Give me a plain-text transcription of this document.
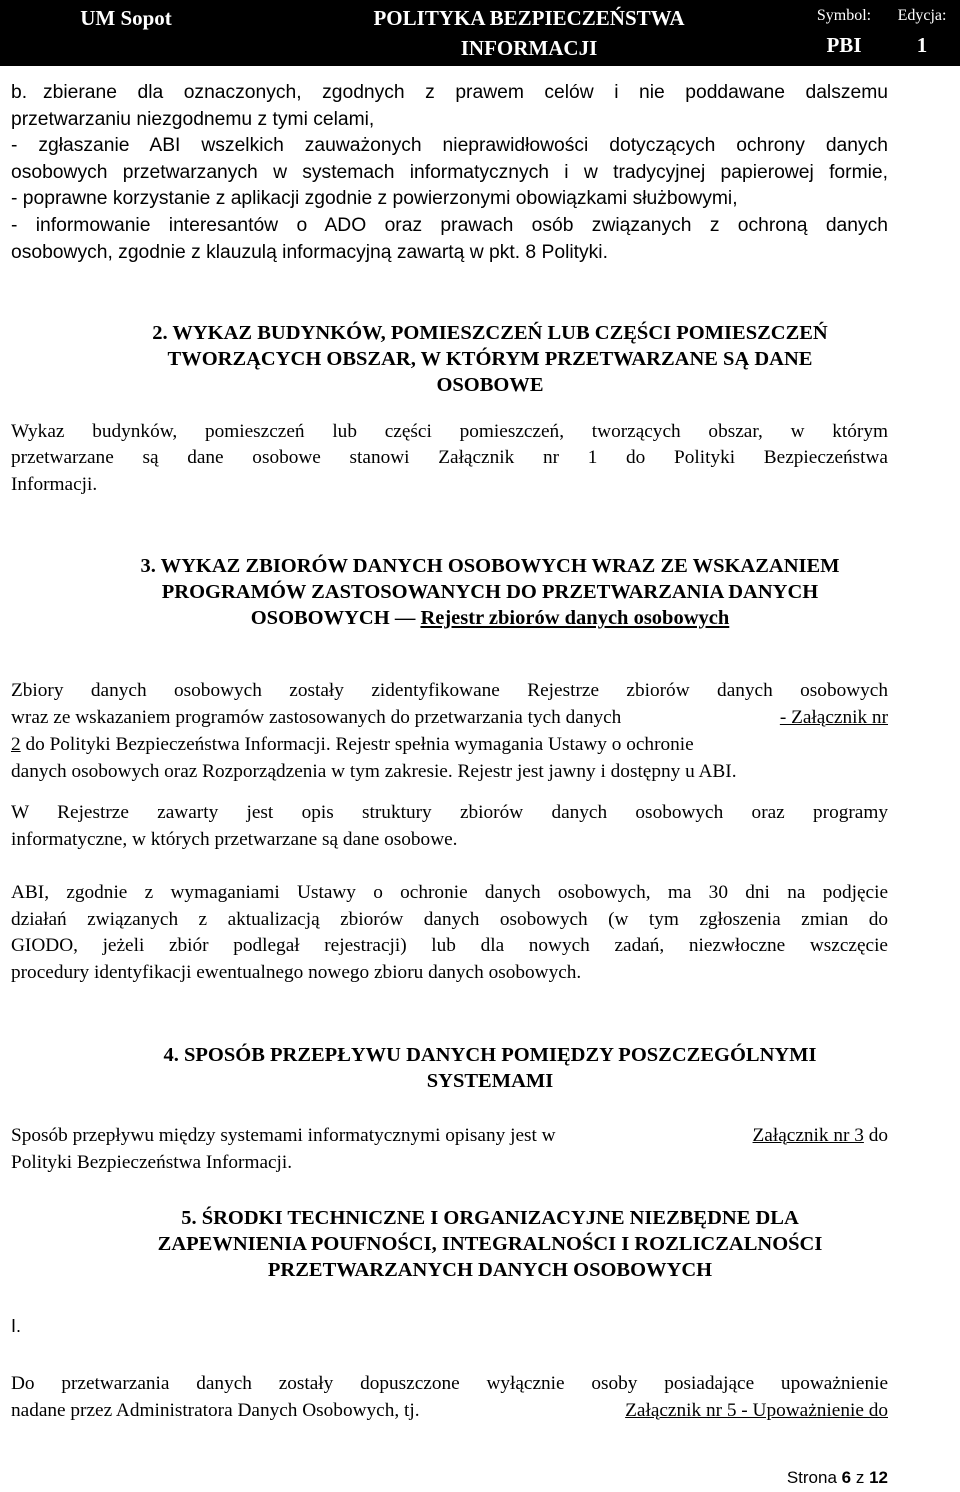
UM Sopot	POLITYKA BEZPIECZEŃSTWA
INFORMACJI
Symbol:
PBI
Edycja:
1
b. zbierane dla oznaczonych, zgodnych z prawem celów i nie poddawane dalszemu
przetwarzaniu niezgodnemu z tymi celami,
- zgłaszanie ABI wszelkich zauważonych nieprawidłowości dotyczących ochrony danych
osobowych przetwarzanych w systemach informatycznych i w tradycyjnej papierowej formie,
- poprawne korzystanie z aplikacji zgodnie z powierzonymi obowiązkami służbowymi,
- informowanie interesantów o ADO oraz prawach osób związanych z ochroną danych
osobowych, zgodnie z klauzulą informacyjną zawartą w pkt. 8 Polityki.
2. WYKAZ BUDYNKÓW, POMIESZCZEŃ LUB CZĘŚCI POMIESZCZEŃ
TWORZĄCYCH OBSZAR, W KTÓRYM PRZETWARZANE SĄ DANE
OSOBOWE
Wykaz budynków, pomieszczeń lub części pomieszczeń, tworzących obszar, w którym
przetwarzane są dane osobowe stanowi Załącznik nr 1 do Polityki Bezpieczeństwa
Informacji.
3. WYKAZ ZBIORÓW DANYCH OSOBOWYCH WRAZ ZE WSKAZANIEM
PROGRAMÓW ZASTOSOWANYCH DO PRZETWARZANIA DANYCH
OSOBOWYCH — Rejestr zbiorów danych osobowych
Zbiory danych osobowych zostały zidentyfikowane Rejestrze zbiorów danych osobowych
wraz ze wskazaniem programów zastosowanych do przetwarzania tych danych	- Załącznik nr
2 do Polityki Bezpieczeństwa Informacji. Rejestr spełnia wymagania Ustawy o ochronie
danych osobowych oraz Rozporządzenia w tym zakresie. Rejestr jest jawny i dostępny u ABI.
W Rejestrze zawarty jest opis struktury zbiorów danych osobowych oraz programy
informatyczne, w których przetwarzane są dane osobowe.
ABI, zgodnie z wymaganiami Ustawy o ochronie danych osobowych, ma 30 dni na podjęcie
działań związanych z aktualizacją zbiorów danych osobowych (w tym zgłoszenia zmian do
GIODO, jeżeli zbiór podlegał rejestracji) lub dla nowych zadań, niezwłoczne wszczęcie
procedury identyfikacji ewentualnego nowego zbioru danych osobowych.
4. SPOSÓB PRZEPŁYWU DANYCH POMIĘDZY POSZCZEGÓLNYMI
SYSTEMAMI
Sposób przepływu między systemami informatycznymi opisany jest w	Załącznik nr 3 do
Polityki Bezpieczeństwa Informacji.
5. ŚRODKI TECHNICZNE I ORGANIZACYJNE NIEZBĘDNE DLA
ZAPEWNIENIA POUFNOŚCI, INTEGRALNOŚCI I ROZLICZALNOŚCI
PRZETWARZANYCH DANYCH OSOBOWYCH
I.
Do przetwarzania danych zostały dopuszczone wyłącznie osoby posiadające upoważnienie
nadane przez Administratora Danych Osobowych, tj.	Załącznik nr 5 - Upoważnienie do
Strona 6 z 12
